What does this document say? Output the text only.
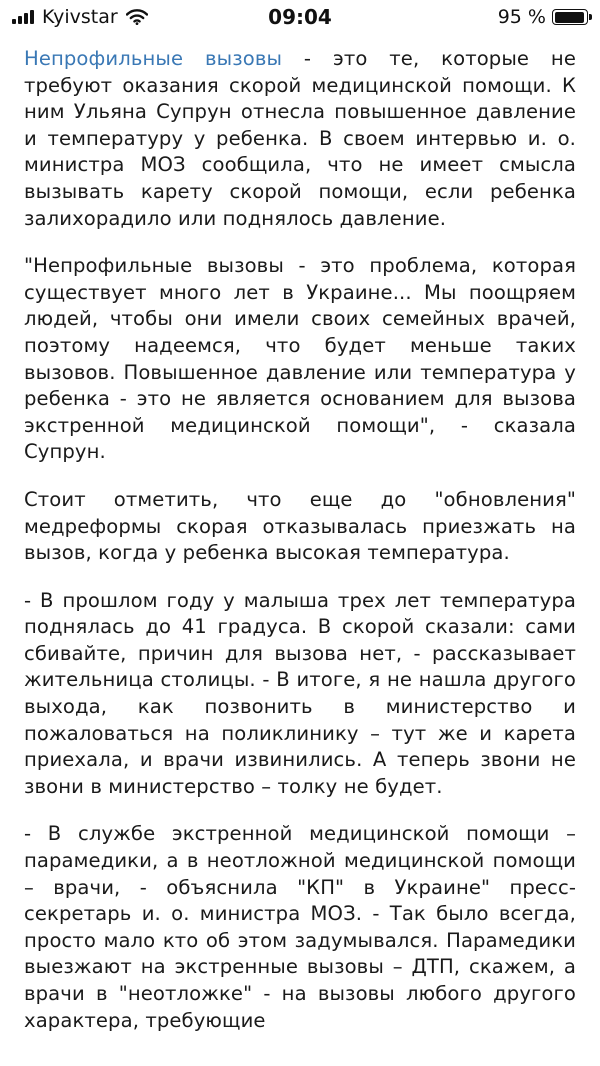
Kyivstar	09:04	95 %

Непрофильные вызовы - это те, которые не требуют оказания скорой медицинской помощи. К ним Ульяна Супрун отнесла повышенное давление и температуру у ребенка. В своем интервью и. о. министра МОЗ сообщила, что не имеет смысла вызывать карету скорой помощи, если ребенка залихорадило или поднялось давление.

"Непрофильные вызовы - это проблема, которая существует много лет в Украине... Мы поощряем людей, чтобы они имели своих семейных врачей, поэтому надеемся, что будет меньше таких вызовов. Повышенное давление или температура у ребенка - это не является основанием для вызова экстренной медицинской помощи", - сказала Супрун.

Стоит отметить, что еще до "обновления" медреформы скорая отказывалась приезжать на вызов, когда у ребенка высокая температура.

- В прошлом году у малыша трех лет температура поднялась до 41 градуса. В скорой сказали: сами сбивайте, причин для вызова нет, - рассказывает жительница столицы. - В итоге, я не нашла другого выхода, как позвонить в министерство и пожаловаться на поликлинику – тут же и карета приехала, и врачи извинились. А теперь звони не звони в министерство – толку не будет.

- В службе экстренной медицинской помощи – парамедики, а в неотложной медицинской помощи – врачи, - объяснила "КП" в Украине" пресс-секретарь и. о. министра МОЗ. - Так было всегда, просто мало кто об этом задумывался. Парамедики выезжают на экстренные вызовы – ДТП, скажем, а врачи в "неотложке" - на вызовы любого другого характера, требующие
